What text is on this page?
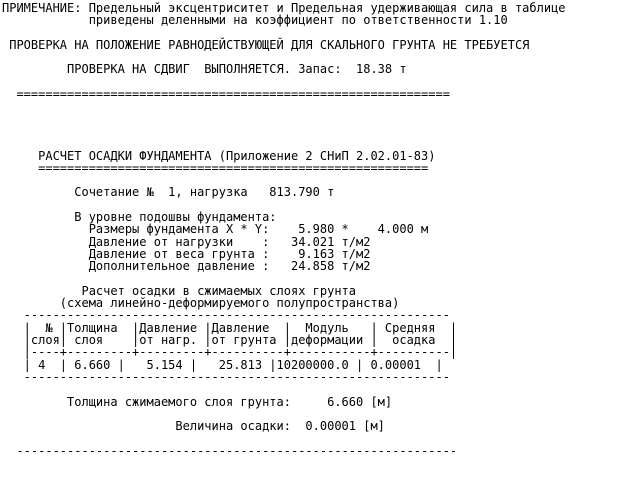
ПРИМЕЧАНИЕ: Предельный эксцентриситет и Предельная удерживающая сила в таблице
приведены деленными на коэффициент по ответственности 1.10

ПРОВЕРКА НА ПОЛОЖЕНИЕ РАВНОДЕЙСТВУЮЩЕЙ ДЛЯ СКАЛЬНОГО ГРУНТА НЕ ТРЕБУЕТСЯ

ПРОВЕРКА НА СДВИГ  ВЫПОЛНЯЕТСЯ. Запас:  18.38 т

============================================================

РАСЧЕТ ОСАДКИ ФУНДАМЕНТА (Приложение 2 СНиП 2.02.01-83)
======================================================

Сочетание №  1, нагрузка   813.790 т

В уровне подошвы фундамента:
Размеры фундамента X * Y:    5.980 *    4.000 м
Давление от нагрузки    :   34.021 т/м2
Давление от веса грунта :    9.163 т/м2
Дополнительное давление :   24.858 т/м2

Расчет осадки в сжимаемых слоях грунта
(схема линейно-деформируемого полупространства)
-----------------------------------------------------------
|  № |Толщина  |Давление |Давление  |  Модуль   | Средняя  |
|слоя| слоя    |от нагр. |от грунта |деформации |  осадка  |
|----+---------+---------+----------+-----------+----------|
| 4  | 6.660 |   5.154 |   25.813 |10200000.0 | 0.00001  |
-----------------------------------------------------------

Толщина сжимаемого слоя грунта:     6.660 [м]

Величина осадки:  0.00001 [м]

-------------------------------------------------------------
